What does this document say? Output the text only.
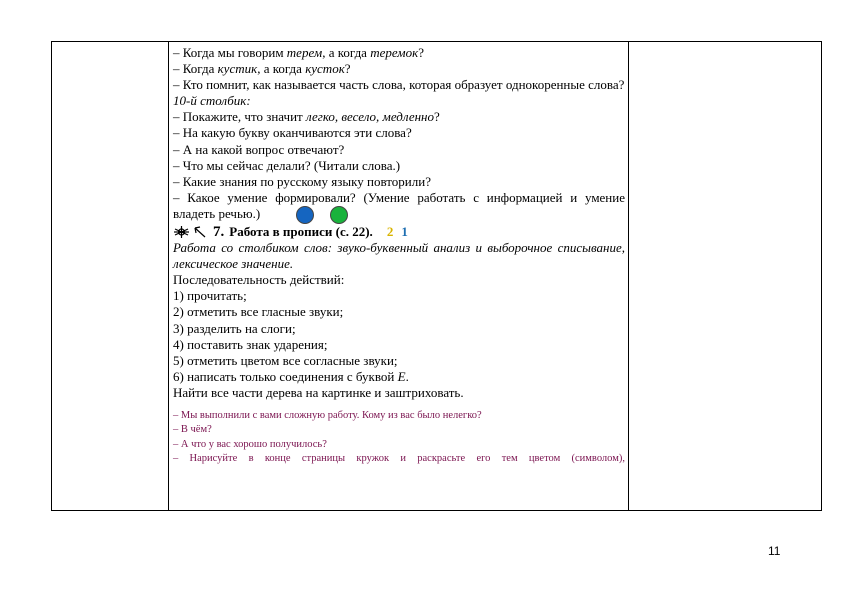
– Когда мы говорим терем, а когда теремок?

– Когда кустик, а когда кусток?

– Кто помнит, как называется часть слова, которая образует однокоренные слова?

10-й столбик:

– Покажите, что значит легко, весело, медленно?

– На какую букву оканчиваются эти слова?

– А на какой вопрос отвечают?

– Что мы сейчас делали? (Читали слова.)

– Какие знания по русскому языку повторили?

– Какое умение формировали? (Умение работать с информацией и умение владеть речью.)

7. Работа в прописи (с. 22). 2 1

Работа со столбиком слов: звуко-буквенный анализ и выборочное списывание, лексическое значение.

Последовательность действий:

1) прочитать;

2) отметить все гласные звуки;

3) разделить на слоги;

4) поставить знак ударения;

5) отметить цветом все согласные звуки;

6) написать только соединения с буквой Е.

Найти все части дерева на картинке и заштриховать.

– Мы выполнили с вами сложную работу. Кому из вас было нелегко?

– В чём?

– А что у вас хорошо получилось?

– Нарисуйте в конце страницы кружок и раскрасьте его тем цветом (символом),

11
